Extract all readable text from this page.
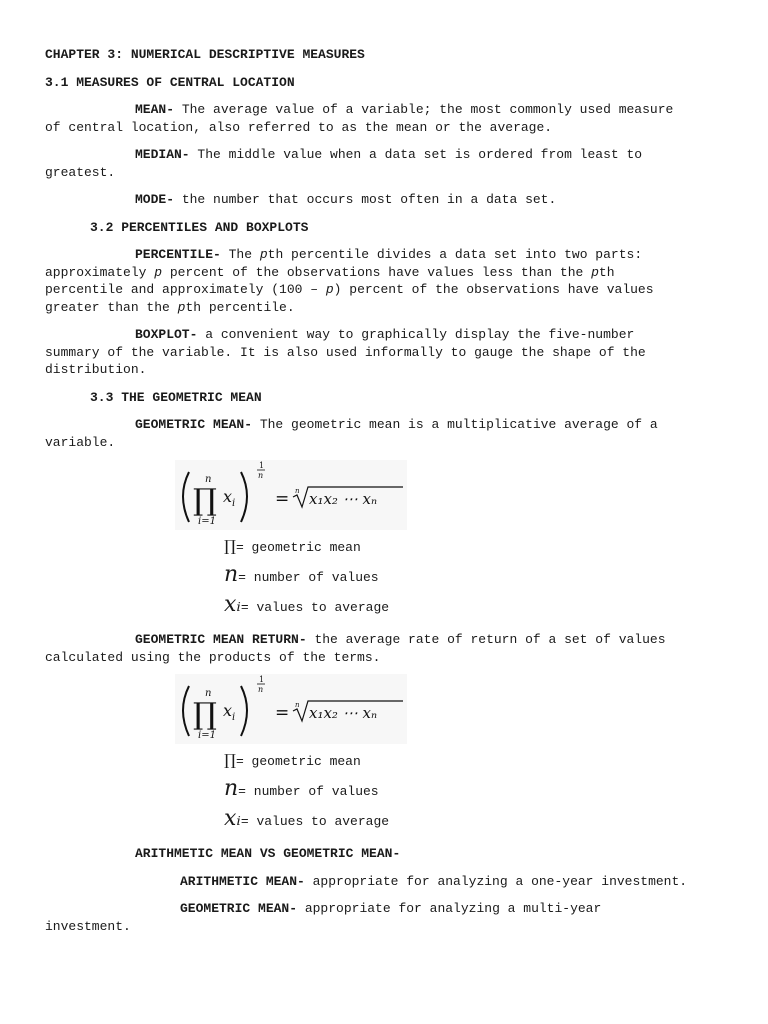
CHAPTER 3: NUMERICAL DESCRIPTIVE MEASURES
3.1 MEASURES OF CENTRAL LOCATION
MEAN- The average value of a variable; the most commonly used measure
of central location, also referred to as the mean or the average.
MEDIAN- The middle value when a data set is ordered from least to
greatest.
MODE- the number that occurs most often in a data set.
3.2 PERCENTILES AND BOXPLOTS
PERCENTILE- The pth percentile divides a data set into two parts:
approximately p percent of the observations have values less than the pth
percentile and approximately (100 – p) percent of the observations have values
greater than the pth percentile.
BOXPLOT- a convenient way to graphically display the five-number
summary of the variable. It is also used informally to gauge the shape of the
distribution.
3.3 THE GEOMETRIC MEAN
GEOMETRIC MEAN- The geometric mean is a multiplicative average of a
variable.
n
∏
i=1
x i
1
n
= n x₁x₂ ⋯ xₙ
∏= geometric mean
n= number of values
xᵢ= values to average
GEOMETRIC MEAN RETURN- the average rate of return of a set of values
calculated using the products of the terms.
n
∏
i=1
x i
1
n
= n x₁x₂ ⋯ xₙ
∏= geometric mean
n= number of values
xᵢ= values to average
ARITHMETIC MEAN VS GEOMETRIC MEAN-
ARITHMETIC MEAN- appropriate for analyzing a one-year investment.
GEOMETRIC MEAN- appropriate for analyzing a multi-year
investment.
